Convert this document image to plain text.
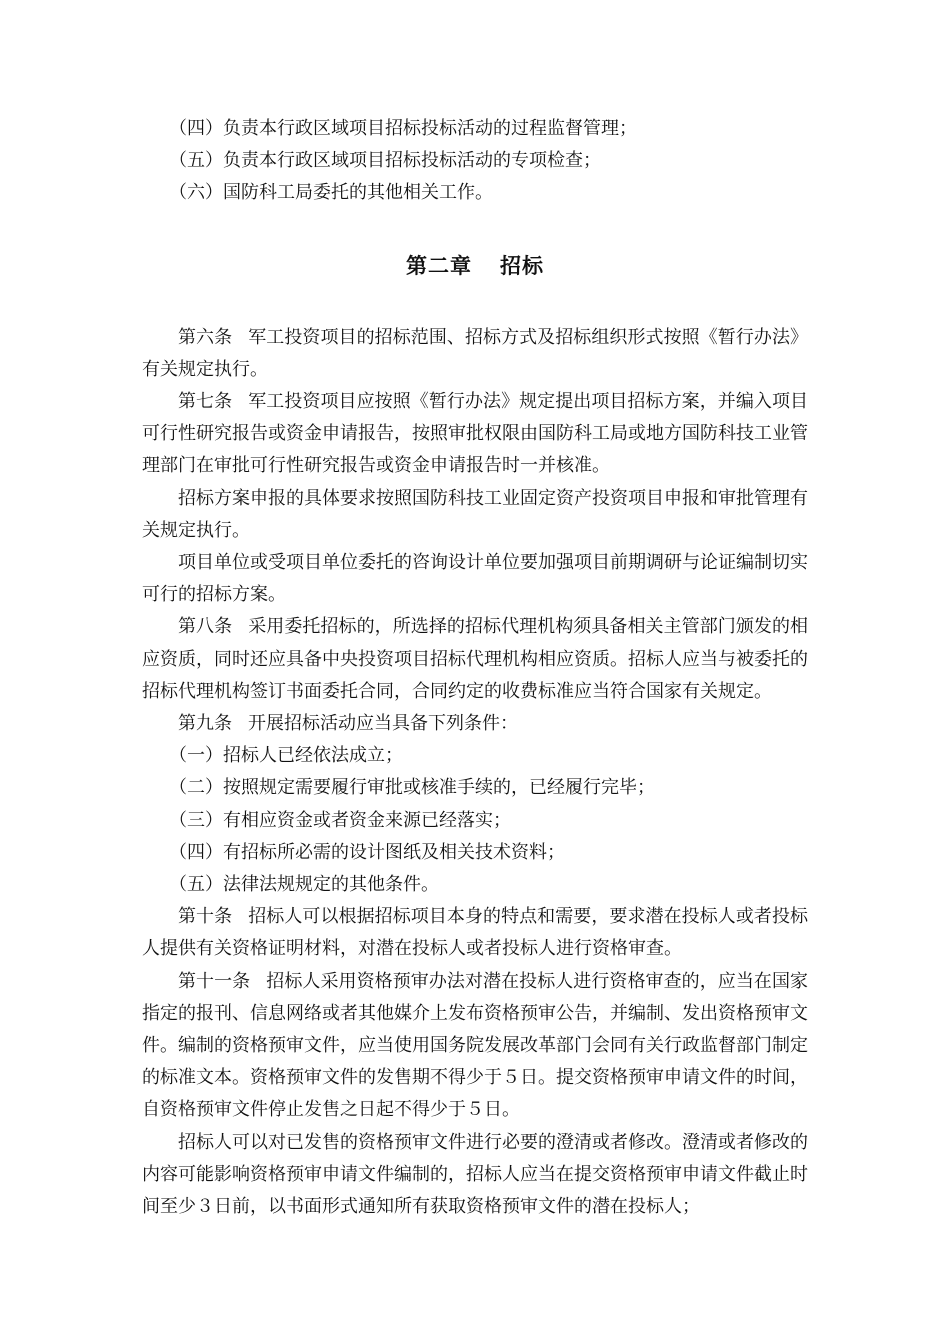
（四）负责本行政区域项目招标投标活动的过程监督管理；

（五）负责本行政区域项目招标投标活动的专项检查；

（六）国防科工局委托的其他相关工作。

第二章 招标

第六条 军工投资项目的招标范围、招标方式及招标组织形式按照《暂行办法》有关规定执行。

第七条 军工投资项目应按照《暂行办法》规定提出项目招标方案，并编入项目可行性研究报告或资金申请报告，按照审批权限由国防科工局或地方国防科技工业管理部门在审批可行性研究报告或资金申请报告时一并核准。

招标方案申报的具体要求按照国防科技工业固定资产投资项目申报和审批管理有关规定执行。

项目单位或受项目单位委托的咨询设计单位要加强项目前期调研与论证编制切实可行的招标方案。

第八条 采用委托招标的，所选择的招标代理机构须具备相关主管部门颁发的相应资质，同时还应具备中央投资项目招标代理机构相应资质。招标人应当与被委托的招标代理机构签订书面委托合同，合同约定的收费标准应当符合国家有关规定。

第九条 开展招标活动应当具备下列条件：

（一）招标人已经依法成立；

（二）按照规定需要履行审批或核准手续的，已经履行完毕；

（三）有相应资金或者资金来源已经落实；

（四）有招标所必需的设计图纸及相关技术资料；

（五）法律法规规定的其他条件。

第十条 招标人可以根据招标项目本身的特点和需要，要求潜在投标人或者投标人提供有关资格证明材料，对潜在投标人或者投标人进行资格审查。

第十一条 招标人采用资格预审办法对潜在投标人进行资格审查的，应当在国家指定的报刊、信息网络或者其他媒介上发布资格预审公告，并编制、发出资格预审文件。编制的资格预审文件，应当使用国务院发展改革部门会同有关行政监督部门制定的标准文本。资格预审文件的发售期不得少于５日。提交资格预审申请文件的时间，自资格预审文件停止发售之日起不得少于５日。

招标人可以对已发售的资格预审文件进行必要的澄清或者修改。澄清或者修改的内容可能影响资格预审申请文件编制的，招标人应当在提交资格预审申请文件截止时间至少３日前，以书面形式通知所有获取资格预审文件的潜在投标人；
